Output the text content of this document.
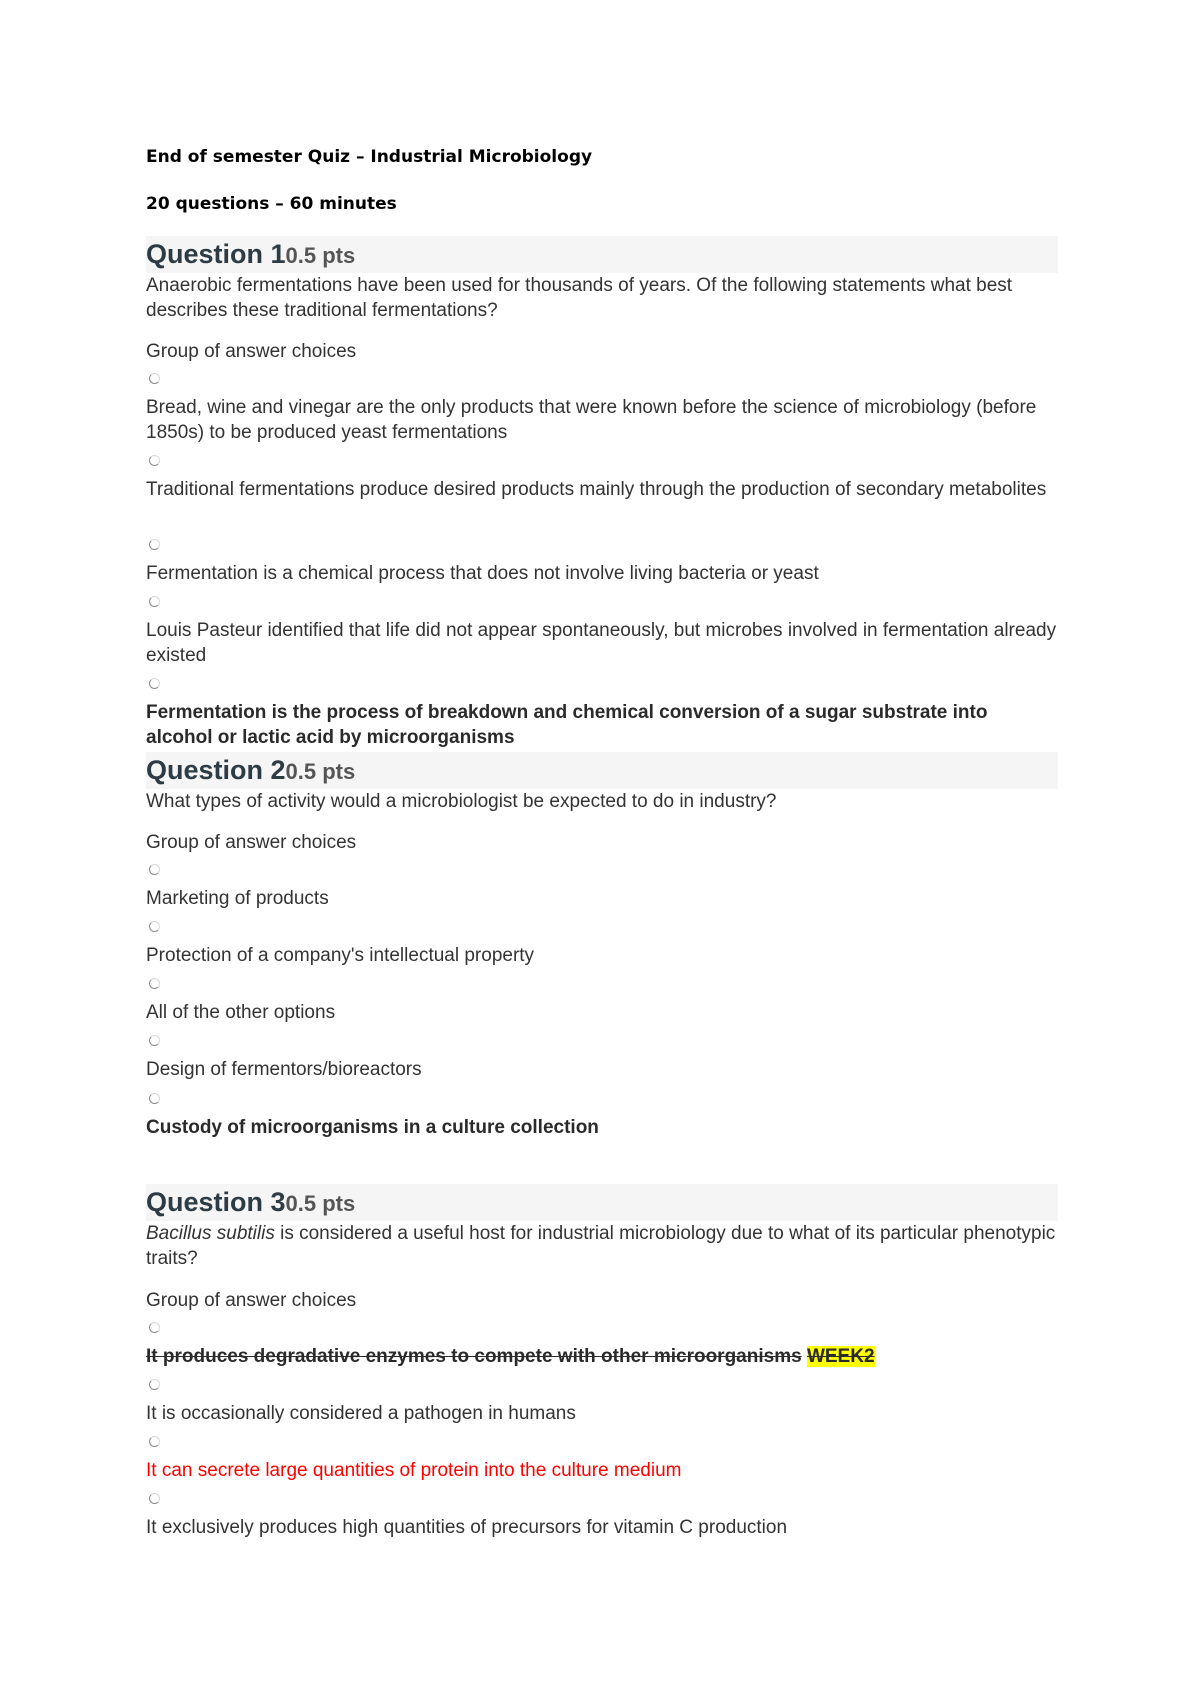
End of semester Quiz – Industrial Microbiology
20 questions – 60 minutes
Question 10.5 pts
Anaerobic fermentations have been used for thousands of years. Of the following statements what best describes these traditional fermentations?
Group of answer choices
Bread, wine and vinegar are the only products that were known before the science of microbiology (before 1850s) to be produced yeast fermentations
Traditional fermentations produce desired products mainly through the production of secondary metabolites
Fermentation is a chemical process that does not involve living bacteria or yeast
Louis Pasteur identified that life did not appear spontaneously, but microbes involved in fermentation already existed
Fermentation is the process of breakdown and chemical conversion of a sugar substrate into alcohol or lactic acid by microorganisms
Question 20.5 pts
What types of activity would a microbiologist be expected to do in industry?
Group of answer choices
Marketing of products
Protection of a company's intellectual property
All of the other options
Design of fermentors/bioreactors
Custody of microorganisms in a culture collection
Question 30.5 pts
Bacillus subtilis is considered a useful host for industrial microbiology due to what of its particular phenotypic traits?
Group of answer choices
It produces degradative enzymes to compete with other microorganisms WEEK2
It is occasionally considered a pathogen in humans
It can secrete large quantities of protein into the culture medium
It exclusively produces high quantities of precursors for vitamin C production
